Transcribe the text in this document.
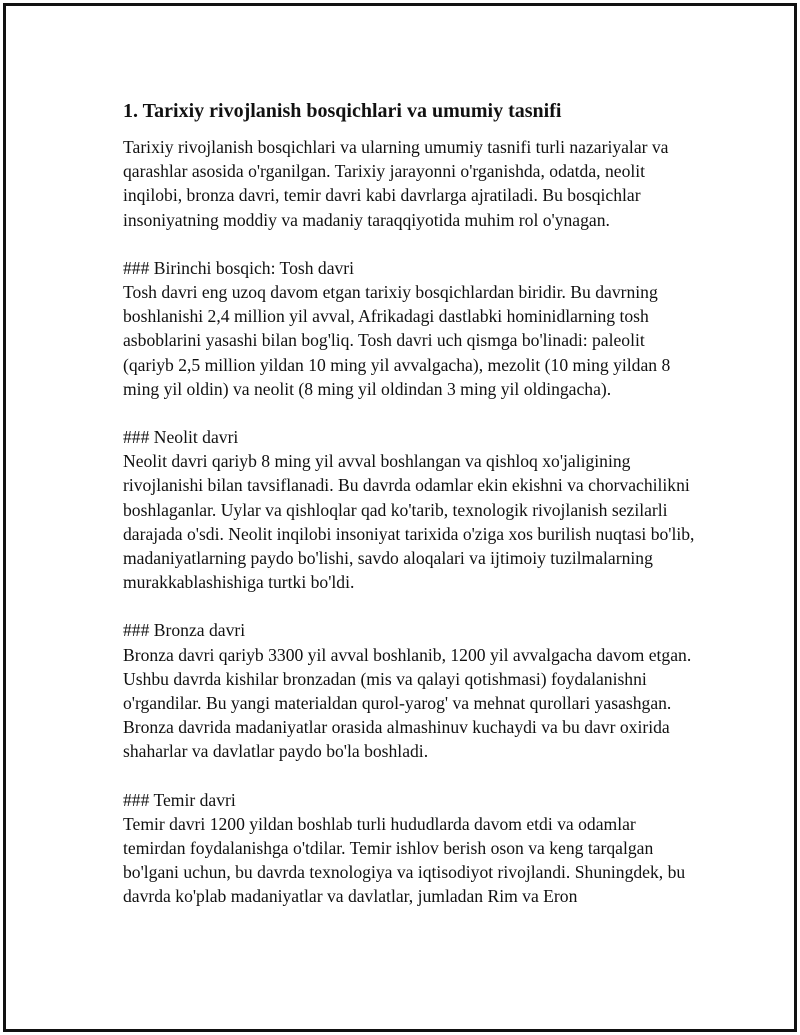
1. Tarixiy rivojlanish bosqichlari va umumiy tasnifi

Tarixiy rivojlanish bosqichlari va ularning umumiy tasnifi turli nazariyalar va qarashlar asosida o'rganilgan. Tarixiy jarayonni o'rganishda, odatda, neolit inqilobi, bronza davri, temir davri kabi davrlarga ajratiladi. Bu bosqichlar insoniyatning moddiy va madaniy taraqqiyotida muhim rol o'ynagan.

### Birinchi bosqich: Tosh davri

Tosh davri eng uzoq davom etgan tarixiy bosqichlardan biridir. Bu davrning boshlanishi 2,4 million yil avval, Afrikadagi dastlabki hominidlarning tosh asboblarini yasashi bilan bog'liq. Tosh davri uch qismga bo'linadi: paleolit (qariyb 2,5 million yildan 10 ming yil avvalgacha), mezolit (10 ming yildan 8 ming yil oldin) va neolit (8 ming yil oldindan 3 ming yil oldingacha).

### Neolit davri

Neolit davri qariyb 8 ming yil avval boshlangan va qishloq xo'jaligining rivojlanishi bilan tavsiflanadi. Bu davrda odamlar ekin ekishni va chorvachilikni boshlaganlar. Uylar va qishloqlar qad ko'tarib, texnologik rivojlanish sezilarli darajada o'sdi. Neolit inqilobi insoniyat tarixida o'ziga xos burilish nuqtasi bo'lib, madaniyatlarning paydo bo'lishi, savdo aloqalari va ijtimoiy tuzilmalarning murakkablashishiga turtki bo'ldi.

### Bronza davri

Bronza davri qariyb 3300 yil avval boshlanib, 1200 yil avvalgacha davom etgan. Ushbu davrda kishilar bronzadan (mis va qalayi qotishmasi) foydalanishni o'rgandilar. Bu yangi materialdan qurol-yarog' va mehnat qurollari yasashgan. Bronza davrida madaniyatlar orasida almashinuv kuchaydi va bu davr oxirida shaharlar va davlatlar paydo bo'la boshladi.

### Temir davri

Temir davri 1200 yildan boshlab turli hududlarda davom etdi va odamlar temirdan foydalanishga o'tdilar. Temir ishlov berish oson va keng tarqalgan bo'lgani uchun, bu davrda texnologiya va iqtisodiyot rivojlandi. Shuningdek, bu davrda ko'plab madaniyatlar va davlatlar, jumladan Rim va Eron
